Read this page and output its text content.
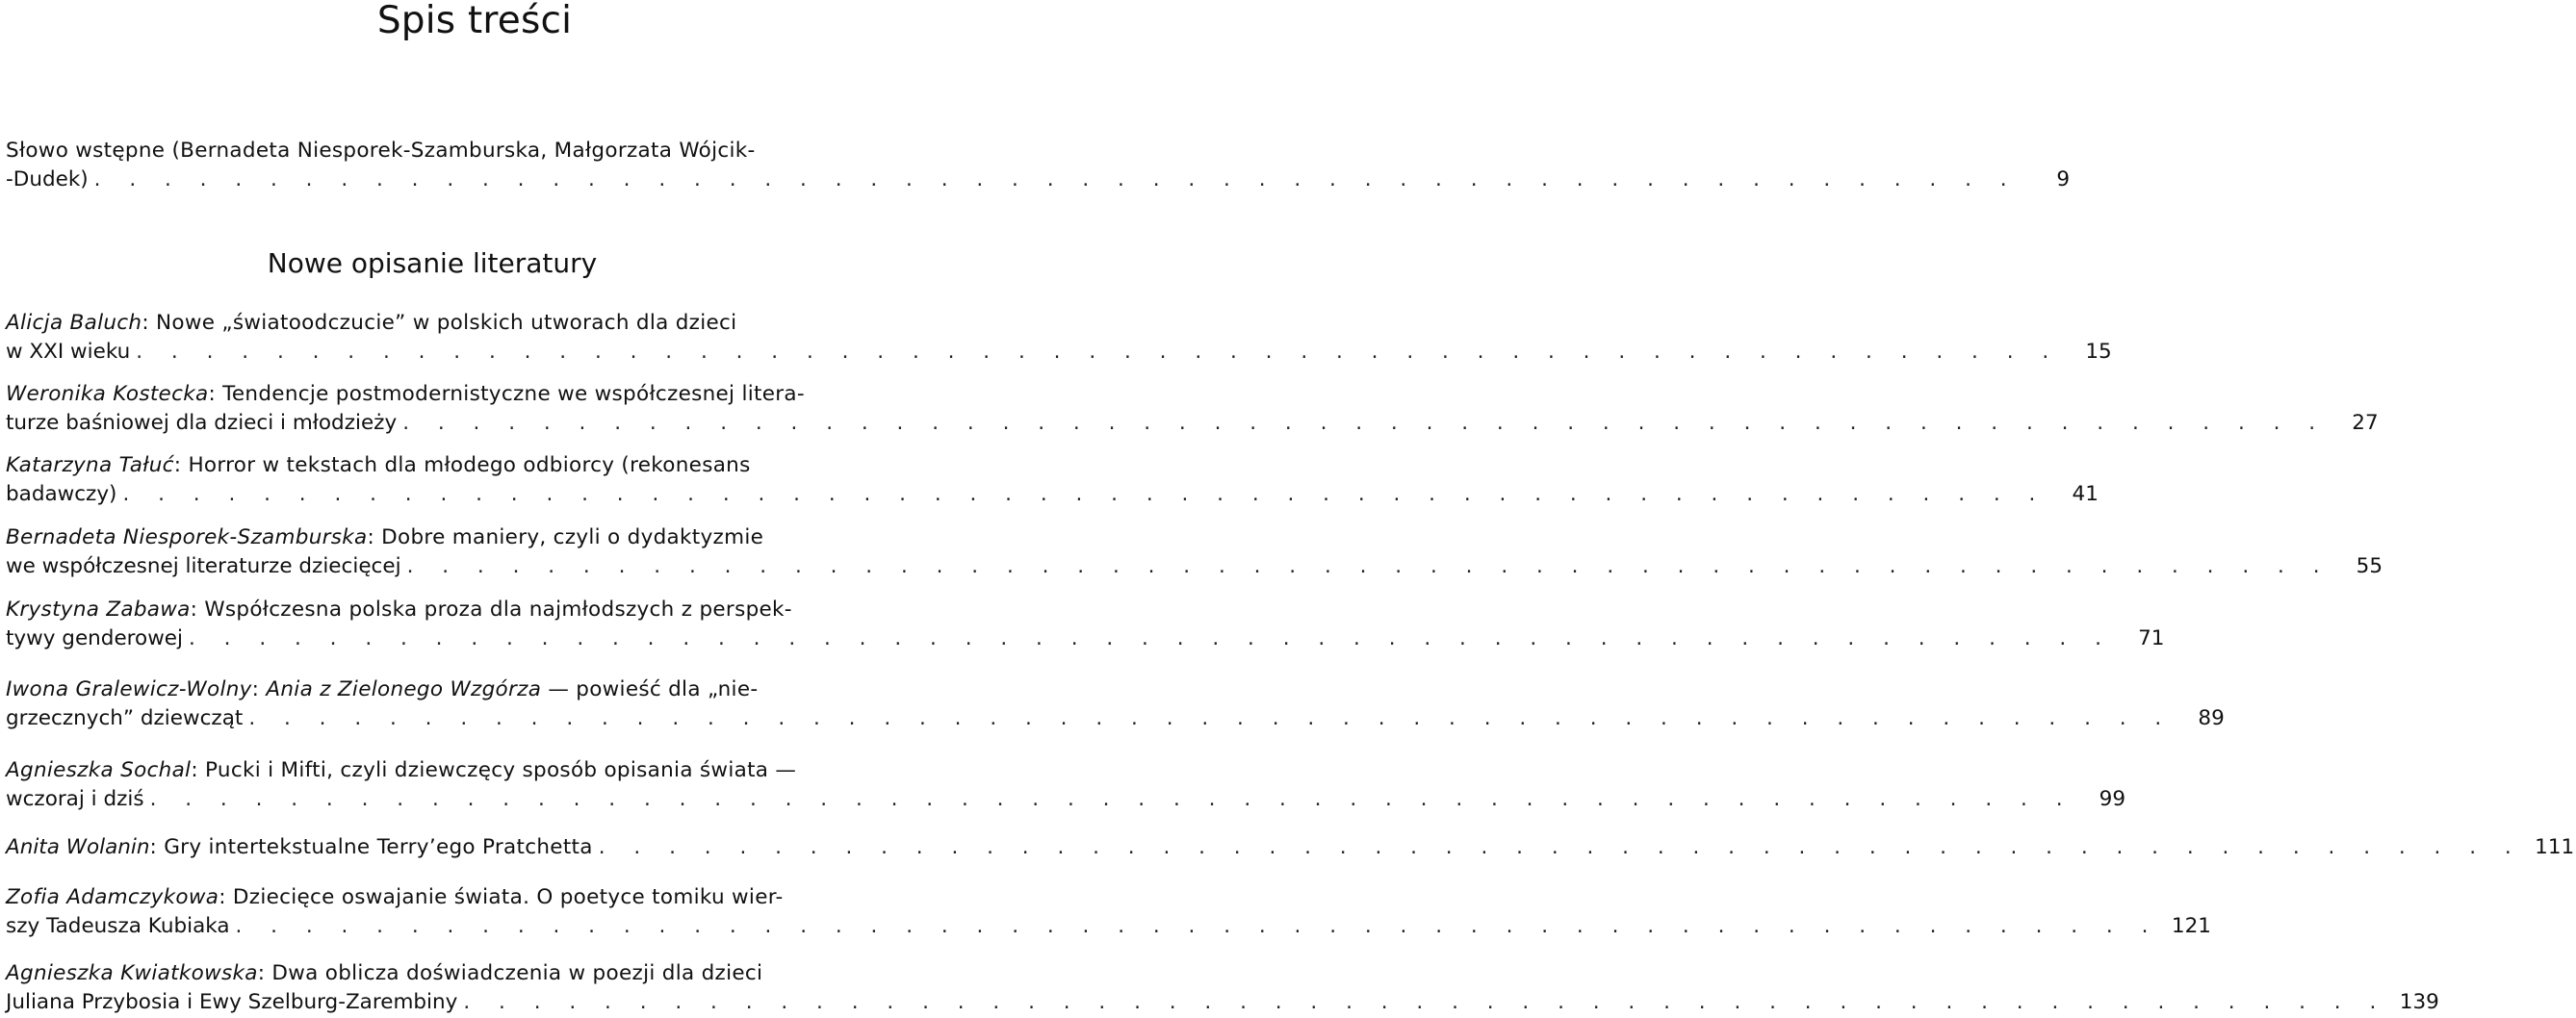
Spis treści
Słowo wstępne (Bernadeta Niesporek-Szamburska, Małgorzata Wójcik-
-Dudek) . . . . . . . . . . . . . . . . . . . . . . . . . . . . . . . . . . . . . . . . . . . . . . . . . . . . . . .	9
Nowe opisanie literatury
Alicja Baluch: Nowe „światoodczucie” w polskich utworach dla dzieci
w XXI wieku . . . . . . . . . . . . . . . . . . . . . . . . . . . . . . . . . . . . . . . . . . . . . . . . . . . . . . .	15
Weronika Kostecka: Tendencje postmodernistyczne we współczesnej litera-
turze baśniowej dla dzieci i młodzieży . . . . . . . . . . . . . . . . . . . . . . . . . . . . . . . . . . . . . . . . . . . . . . . . . . . . . . .	27
Katarzyna Tałuć: Horror w tekstach dla młodego odbiorcy (rekonesans
badawczy) . . . . . . . . . . . . . . . . . . . . . . . . . . . . . . . . . . . . . . . . . . . . . . . . . . . . . . .	41
Bernadeta Niesporek-Szamburska: Dobre maniery, czyli o dydaktyzmie
we współczesnej literaturze dziecięcej . . . . . . . . . . . . . . . . . . . . . . . . . . . . . . . . . . . . . . . . . . . . . . . . . . . . . . .	55
Krystyna Zabawa: Współczesna polska proza dla najmłodszych z perspek-
tywy genderowej . . . . . . . . . . . . . . . . . . . . . . . . . . . . . . . . . . . . . . . . . . . . . . . . . . . . . . .	71
Iwona Gralewicz-Wolny: Ania z Zielonego Wzgórza — powieść dla „nie-
grzecznych” dziewcząt . . . . . . . . . . . . . . . . . . . . . . . . . . . . . . . . . . . . . . . . . . . . . . . . . . . . . . .	89
Agnieszka Sochal: Pucki i Mifti, czyli dziewczęcy sposób opisania świata —
wczoraj i dziś . . . . . . . . . . . . . . . . . . . . . . . . . . . . . . . . . . . . . . . . . . . . . . . . . . . . . . .	99
Anita Wolanin: Gry intertekstualne Terry’ego Pratchetta . . . . . . . . . . . . . . . . . . . . . . . . . . . . . . . . . . . . . . . . . . . . . . . . . . . . . . . 111
Zofia Adamczykowa: Dziecięce oswajanie świata. O poetyce tomiku wier-
szy Tadeusza Kubiaka . . . . . . . . . . . . . . . . . . . . . . . . . . . . . . . . . . . . . . . . . . . . . . . . . . . . . . . 121
Agnieszka Kwiatkowska: Dwa oblicza doświadczenia w poezji dla dzieci
Juliana Przybosia i Ewy Szelburg-Zarembiny . . . . . . . . . . . . . . . . . . . . . . . . . . . . . . . . . . . . . . . . . . . . . . . . . . . . . . . 139
